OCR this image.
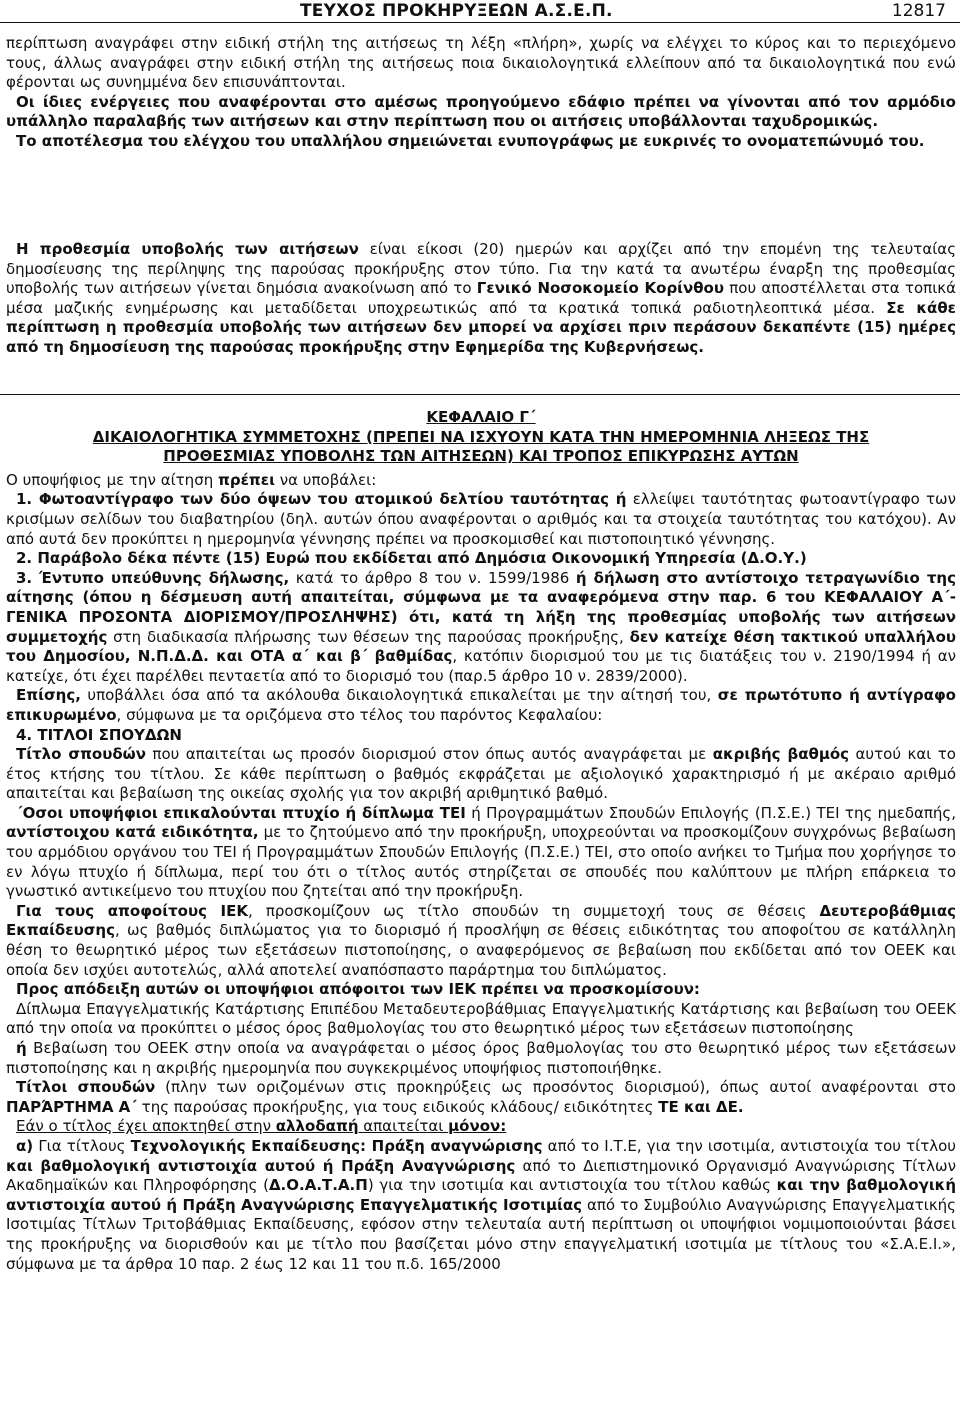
ΤΕΥΧΟΣ ΠΡΟΚΗΡΥΞΕΩΝ Α.Σ.Ε.Π.	12817

περίπτωση αναγράφει στην ειδική στήλη της αιτήσεως τη λέξη «πλήρη», χωρίς να ελέγχει το κύρος και το περιεχόμενο τους, άλλως αναγράφει στην ειδική στήλη της αιτήσεως ποια δικαιολογητικά ελλείπουν από τα δικαιολογητικά που ενώ φέρονται ως συνημμένα δεν επισυνάπτονται.

Οι ίδιες ενέργειες που αναφέρονται στο αμέσως προηγούμενο εδάφιο πρέπει να γίνονται από τον αρμόδιο υπάλληλο παραλαβής των αιτήσεων και στην περίπτωση που οι αιτήσεις υποβάλλονται ταχυδρομικώς.

Το αποτέλεσμα του ελέγχου του υπαλλήλου σημειώνεται ενυπογράφως με ευκρινές το ονοματεπώνυμό του.

Η προθεσμία υποβολής των αιτήσεων είναι είκοσι (20) ημερών και αρχίζει από την επομένη της τελευταίας δημοσίευσης της περίληψης της παρούσας προκήρυξης στον τύπο. Για την κατά τα ανωτέρω έναρξη της προθεσμίας υποβολής των αιτήσεων γίνεται δημόσια ανακοίνωση από το Γενικό Νοσοκομείο Κορίνθου που αποστέλλεται στα τοπικά μέσα μαζικής ενημέρωσης και μεταδίδεται υποχρεωτικώς από τα κρατικά τοπικά ραδιοτηλεοπτικά μέσα. Σε κάθε περίπτωση η προθεσμία υποβολής των αιτήσεων δεν μπορεί να αρχίσει πριν περάσουν δεκαπέντε (15) ημέρες από τη δημοσίευση της παρούσας προκήρυξης στην Εφημερίδα της Κυβερνήσεως.

ΚΕΦΑΛΑΙΟ Γ΄

ΔΙΚΑΙΟΛΟΓΗΤΙΚΑ ΣΥΜΜΕΤΟΧΗΣ (ΠΡΕΠΕΙ ΝΑ ΙΣΧΥΟΥΝ ΚΑΤΑ ΤΗΝ ΗΜΕΡΟΜΗΝΙΑ ΛΗΞΕΩΣ ΤΗΣ

ΠΡΟΘΕΣΜΙΑΣ ΥΠΟΒΟΛΗΣ ΤΩΝ ΑΙΤΗΣΕΩΝ) ΚΑΙ ΤΡΟΠΟΣ ΕΠΙΚΥΡΩΣΗΣ ΑΥΤΩΝ

Ο υποψήφιος με την αίτηση πρέπει να υποβάλει:

1. Φωτοαντίγραφο των δύο όψεων του ατομικού δελτίου ταυτότητας ή ελλείψει ταυτότητας φωτοαντίγραφο των κρισίμων σελίδων του διαβατηρίου (δηλ. αυτών όπου αναφέρονται ο αριθμός και τα στοιχεία ταυτότητας του κατόχου). Αν από αυτά δεν προκύπτει η ημερομηνία γέννησης πρέπει να προσκομισθεί και πιστοποιητικό γέννησης.

2. Παράβολο δέκα πέντε (15) Ευρώ που εκδίδεται από Δημόσια Οικονομική Υπηρεσία (Δ.Ο.Υ.)

3. Έντυπο υπεύθυνης δήλωσης, κατά το άρθρο 8 του ν. 1599/1986 ή δήλωση στο αντίστοιχο τετραγωνίδιο της αίτησης (όπου η δέσμευση αυτή απαιτείται, σύμφωνα με τα αναφερόμενα στην παρ. 6 του ΚΕΦΑΛΑΙΟΥ Α΄-ΓΕΝΙΚΑ ΠΡΟΣΟΝΤΑ ΔΙΟΡΙΣΜΟΥ/ΠΡΟΣΛΗΨΗΣ) ότι, κατά τη λήξη της προθεσμίας υποβολής των αιτήσεων συμμετοχής στη διαδικασία πλήρωσης των θέσεων της παρούσας προκήρυξης, δεν κατείχε θέση τακτικού υπαλλήλου του Δημοσίου, Ν.Π.Δ.Δ. και ΟΤΑ α΄ και β΄ βαθμίδας, κατόπιν διορισμού του με τις διατάξεις του ν. 2190/1994 ή αν κατείχε, ότι έχει παρέλθει πενταετία από το διορισμό του (παρ.5 άρθρο 10 ν. 2839/2000).

Επίσης, υποβάλλει όσα από τα ακόλουθα δικαιολογητικά επικαλείται με την αίτησή του, σε πρωτότυπο ή αντίγραφο επικυρωμένο, σύμφωνα με τα οριζόμενα στο τέλος του παρόντος Κεφαλαίου:

4. ΤΙΤΛΟΙ ΣΠΟΥΔΩΝ

Τίτλο σπουδών που απαιτείται ως προσόν διορισμού στον όπως αυτός αναγράφεται με ακριβής βαθμός αυτού και το έτος κτήσης του τίτλου. Σε κάθε περίπτωση ο βαθμός εκφράζεται με αξιολογικό χαρακτηρισμό ή με ακέραιο αριθμό απαιτείται και βεβαίωση της οικείας σχολής για τον ακριβή αριθμητικό βαθμό.

΄Οσοι υποψήφιοι επικαλούνται πτυχίο ή δίπλωμα ΤΕΙ ή Προγραμμάτων Σπουδών Επιλογής (Π.Σ.Ε.) ΤΕΙ της ημεδαπής, αντίστοιχου κατά ειδικότητα, με το ζητούμενο από την προκήρυξη, υποχρεούνται να προσκομίζουν συγχρόνως βεβαίωση του αρμόδιου οργάνου του ΤΕΙ ή Προγραμμάτων Σπουδών Επιλογής (Π.Σ.Ε.) ΤΕΙ, στο οποίο ανήκει το Τμήμα που χορήγησε το εν λόγω πτυχίο ή δίπλωμα, περί του ότι ο τίτλος αυτός στηρίζεται σε σπουδές που καλύπτουν με πλήρη επάρκεια το γνωστικό αντικείμενο του πτυχίου που ζητείται από την προκήρυξη.

Για τους αποφοίτους ΙΕΚ, προσκομίζουν ως τίτλο σπουδών τη συμμετοχή τους σε θέσεις Δευτεροβάθμιας Εκπαίδευσης, ως βαθμός διπλώματος για το διορισμό ή προσλήψη σε θέσεις ειδικότητας του αποφοίτου σε κατάλληλη θέση το θεωρητικό μέρος των εξετάσεων πιστοποίησης, ο αναφερόμενος σε βεβαίωση που εκδίδεται από τον ΟΕΕΚ και οποία δεν ισχύει αυτοτελώς, αλλά αποτελεί αναπόσπαστο παράρτημα του διπλώματος.

Προς απόδειξη αυτών οι υποψήφιοι απόφοιτοι των ΙΕΚ πρέπει να προσκομίσουν:

Δίπλωμα Επαγγελματικής Κατάρτισης Επιπέδου Μεταδευτεροβάθμιας Επαγγελματικής Κατάρτισης και βεβαίωση του ΟΕΕΚ από την οποία να προκύπτει ο μέσος όρος βαθμολογίας του στο θεωρητικό μέρος των εξετάσεων πιστοποίησης

ή Βεβαίωση του ΟΕΕΚ στην οποία να αναγράφεται ο μέσος όρος βαθμολογίας του στο θεωρητικό μέρος των εξετάσεων πιστοποίησης και η ακριβής ημερομηνία που συγκεκριμένος υποψήφιος πιστοποιήθηκε.

Τίτλοι σπουδών (πλην των οριζομένων στις προκηρύξεις ως προσόντος διορισμού), όπως αυτοί αναφέρονται στο ΠΑΡΆΡΤΗΜΑ Α΄ της παρούσας προκήρυξης, για τους ειδικούς κλάδους/ ειδικότητες ΤΕ και ΔΕ.

Εάν ο τίτλος έχει αποκτηθεί στην αλλοδαπή απαιτείται μόνον:

α) Για τίτλους Τεχνολογικής Εκπαίδευσης: Πράξη αναγνώρισης από το Ι.Τ.Ε, για την ισοτιμία, αντιστοιχία του τίτλου και βαθμολογική αντιστοιχία αυτού ή Πράξη Αναγνώρισης από το Διεπιστημονικό Οργανισμό Αναγνώρισης Τίτλων Ακαδημαϊκών και Πληροφόρησης (Δ.Ο.Α.Τ.Α.Π) για την ισοτιμία και αντιστοιχία του τίτλου καθώς και την βαθμολογική αντιστοιχία αυτού ή Πράξη Αναγνώρισης Επαγγελματικής Ισοτιμίας από το Συμβούλιο Αναγνώρισης Επαγγελματικής Ισοτιμίας Τίτλων Τριτοβάθμιας Εκπαίδευσης, εφόσον στην τελευταία αυτή περίπτωση οι υποψήφιοι νομιμοποιούνται βάσει της προκήρυξης να διορισθούν και με τίτλο που βασίζεται μόνο στην επαγγελματική ισοτιμία με τίτλους του «Σ.Α.Ε.Ι.», σύμφωνα με τα άρθρα 10 παρ. 2 έως 12 και 11 του π.δ. 165/2000
